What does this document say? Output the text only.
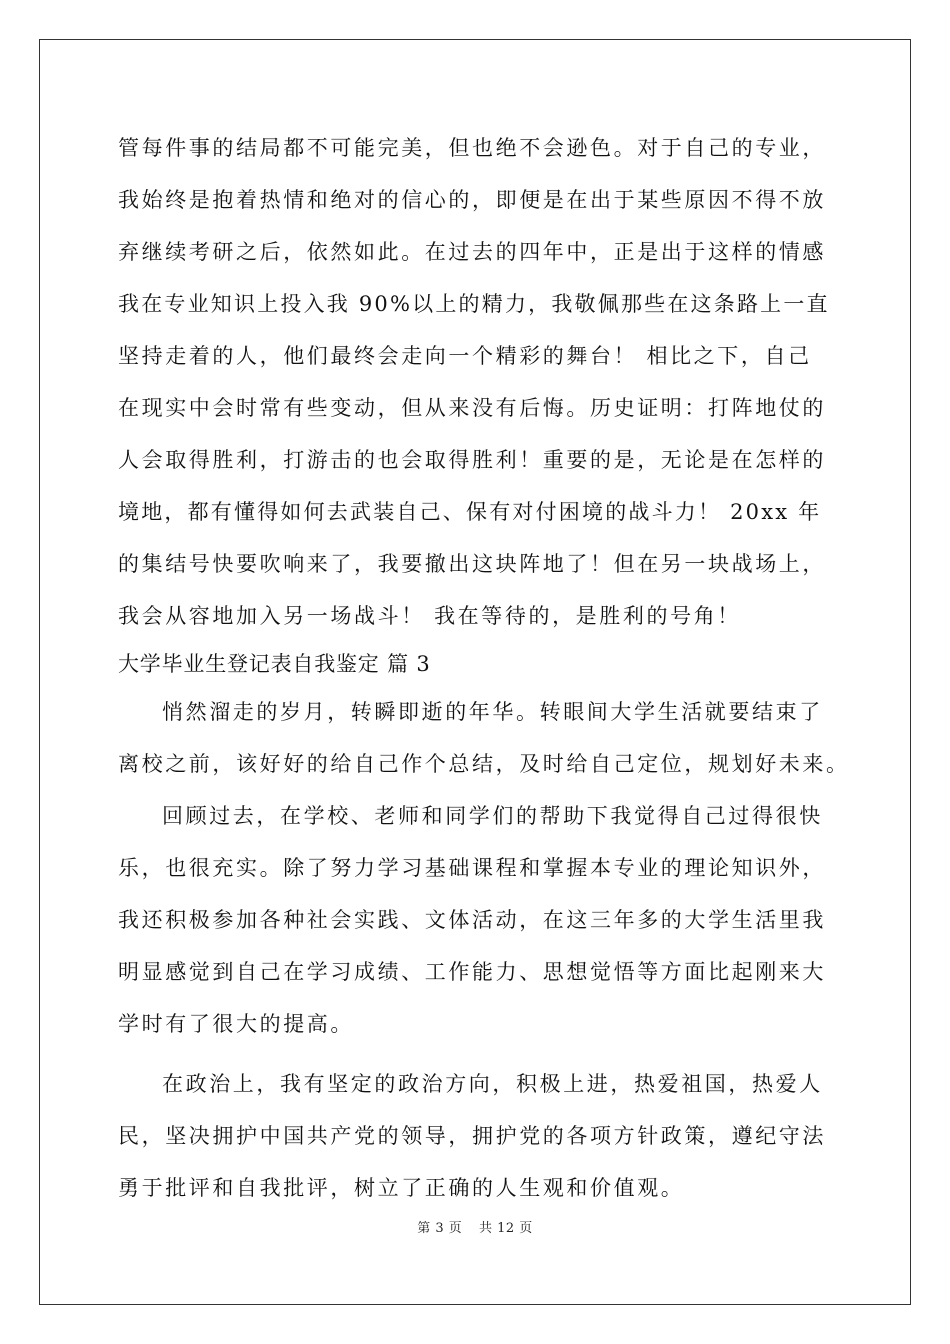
管每件事的结局都不可能完美，但也绝不会逊色。对于自己的专业，
我始终是抱着热情和绝对的信心的，即便是在出于某些原因不得不放
弃继续考研之后，依然如此。在过去的四年中，正是出于这样的情感
我在专业知识上投入我 90%以上的精力，我敬佩那些在这条路上一直
坚持走着的人，他们最终会走向一个精彩的舞台！ 相比之下，自己
在现实中会时常有些变动，但从来没有后悔。历史证明：打阵地仗的
人会取得胜利，打游击的也会取得胜利！重要的是，无论是在怎样的
境地，都有懂得如何去武装自己、保有对付困境的战斗力！ 20xx 年
的集结号快要吹响来了，我要撤出这块阵地了！但在另一块战场上，
我会从容地加入另一场战斗！ 我在等待的，是胜利的号角！
大学毕业生登记表自我鉴定 篇 3
悄然溜走的岁月，转瞬即逝的年华。转眼间大学生活就要结束了
离校之前，该好好的给自己作个总结，及时给自己定位，规划好未来。
回顾过去，在学校、老师和同学们的帮助下我觉得自己过得很快
乐，也很充实。除了努力学习基础课程和掌握本专业的理论知识外，
我还积极参加各种社会实践、文体活动，在这三年多的大学生活里我
明显感觉到自己在学习成绩、工作能力、思想觉悟等方面比起刚来大
学时有了很大的提高。
在政治上，我有坚定的政治方向，积极上进，热爱祖国，热爱人
民，坚决拥护中国共产党的领导，拥护党的各项方针政策，遵纪守法
勇于批评和自我批评，树立了正确的人生观和价值观。
第 3 页 共 12 页
